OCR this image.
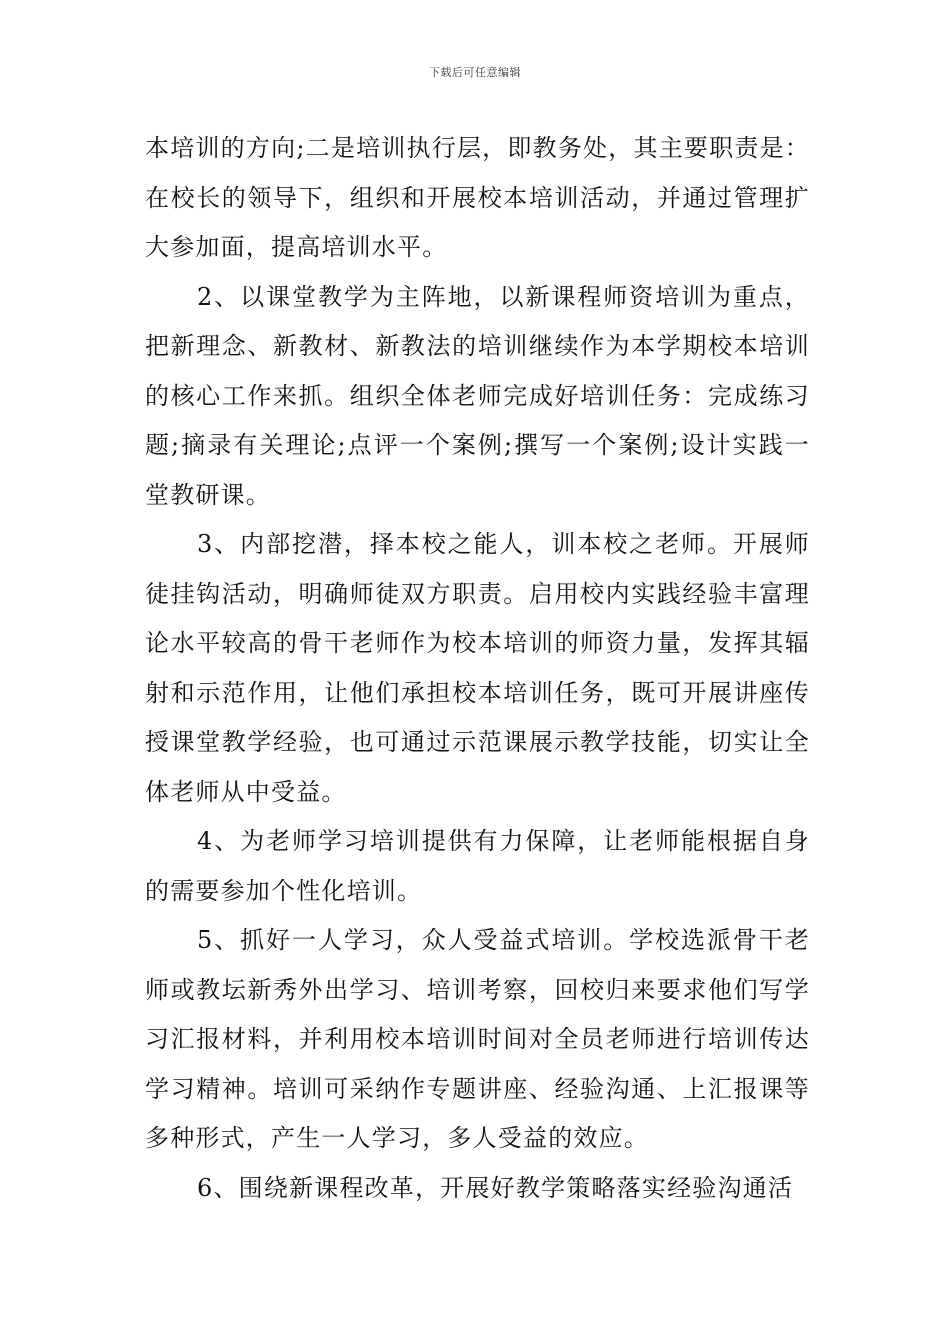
下载后可任意编辑

本培训的方向;二是培训执行层，即教务处，其主要职责是：在校长的领导下，组织和开展校本培训活动，并通过管理扩大参加面，提高培训水平。

2、以课堂教学为主阵地，以新课程师资培训为重点，把新理念、新教材、新教法的培训继续作为本学期校本培训的核心工作来抓。组织全体老师完成好培训任务：完成练习题;摘录有关理论;点评一个案例;撰写一个案例;设计实践一堂教研课。

3、内部挖潜，择本校之能人，训本校之老师。开展师徒挂钩活动，明确师徒双方职责。启用校内实践经验丰富理论水平较高的骨干老师作为校本培训的师资力量，发挥其辐射和示范作用，让他们承担校本培训任务，既可开展讲座传授课堂教学经验，也可通过示范课展示教学技能，切实让全体老师从中受益。

4、为老师学习培训提供有力保障，让老师能根据自身的需要参加个性化培训。

5、抓好一人学习，众人受益式培训。学校选派骨干老师或教坛新秀外出学习、培训考察，回校归来要求他们写学习汇报材料，并利用校本培训时间对全员老师进行培训传达学习精神。培训可采纳作专题讲座、经验沟通、上汇报课等多种形式，产生一人学习，多人受益的效应。

6、围绕新课程改革，开展好教学策略落实经验沟通活
